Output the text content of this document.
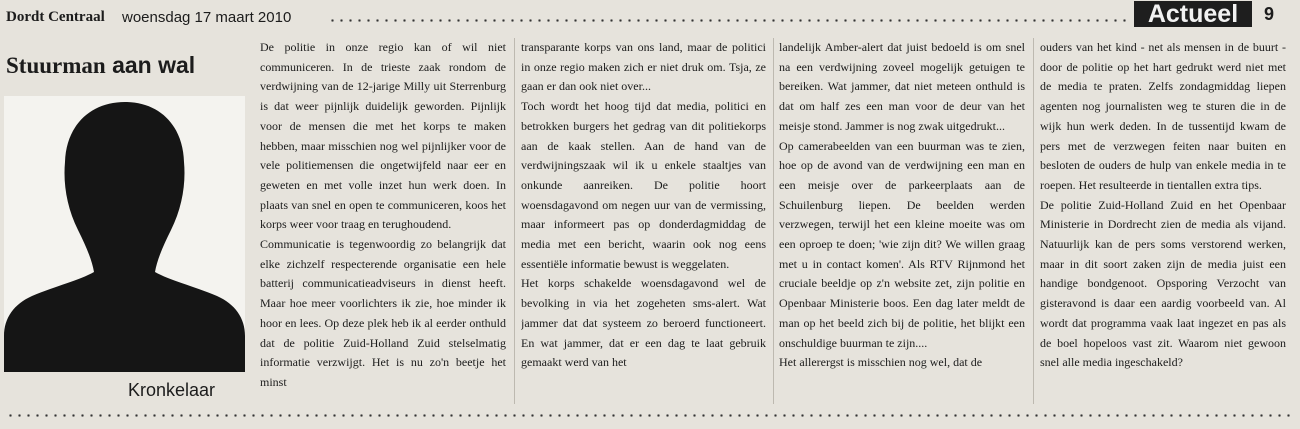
Dordt Centraal woensdag 17 maart 2010	Actueel	9
Stuurman aan wal
Kronkelaar

De politie in onze regio kan of wil niet communiceren. In de trieste zaak rondom de verdwijning van de 12-jarige Milly uit Sterrenburg is dat weer pijnlijk duidelijk geworden. Pijnlijk voor de mensen die met het korps te maken hebben, maar misschien nog wel pijnlijker voor de vele politiemensen die ongetwijfeld naar eer en geweten en met volle inzet hun werk doen. In plaats van snel en open te communiceren, koos het korps weer voor traag en terughoudend.

Communicatie is tegenwoordig zo belangrijk dat elke zichzelf respecterende organisatie een hele batterij communicatieadviseurs in dienst heeft. Maar hoe meer voorlichters ik zie, hoe minder ik hoor en lees. Op deze plek heb ik al eerder onthuld dat de politie Zuid-Holland Zuid stelselmatig informatie verzwijgt. Het is nu zo'n beetje het minst

transparante korps van ons land, maar de politici in onze regio maken zich er niet druk om. Tsja, ze gaan er dan ook niet over...

Toch wordt het hoog tijd dat media, politici en betrokken burgers het gedrag van dit politiekorps aan de kaak stellen. Aan de hand van de verdwijningszaak wil ik u enkele staaltjes van onkunde aanreiken. De politie hoort woensdagavond om negen uur van de vermissing, maar informeert pas op donderdagmiddag de media met een bericht, waarin ook nog eens essentiële informatie bewust is weggelaten.

Het korps schakelde woensdagavond wel de bevolking in via het zogeheten sms-alert. Wat jammer dat dat systeem zo beroerd functioneert. En wat jammer, dat er een dag te laat gebruik gemaakt werd van het

landelijk Amber-alert dat juist bedoeld is om snel na een verdwijning zoveel mogelijk getuigen te bereiken. Wat jammer, dat niet meteen onthuld is dat om half zes een man voor de deur van het meisje stond. Jammer is nog zwak uitgedrukt...

Op camerabeelden van een buurman was te zien, hoe op de avond van de verdwijning een man en een meisje over de parkeerplaats aan de Schuilenburg liepen. De beelden werden verzwegen, terwijl het een kleine moeite was om een oproep te doen; 'wie zijn dit? We willen graag met u in contact komen'. Als RTV Rijnmond het cruciale beeldje op z'n website zet, zijn politie en Openbaar Ministerie boos. Een dag later meldt de man op het beeld zich bij de politie, het blijkt een onschuldige buurman te zijn....

Het allerergst is misschien nog wel, dat de

ouders van het kind - net als mensen in de buurt - door de politie op het hart gedrukt werd niet met de media te praten. Zelfs zondagmiddag liepen agenten nog journalisten weg te sturen die in de wijk hun werk deden. In de tussentijd kwam de pers met de verzwegen feiten naar buiten en besloten de ouders de hulp van enkele media in te roepen. Het resulteerde in tientallen extra tips.

De politie Zuid-Holland Zuid en het Openbaar Ministerie in Dordrecht zien de media als vijand. Natuurlijk kan de pers soms verstorend werken, maar in dit soort zaken zijn de media juist een handige bondgenoot. Opsporing Verzocht van gisteravond is daar een aardig voorbeeld van. Al wordt dat programma vaak laat ingezet en pas als de boel hopeloos vast zit. Waarom niet gewoon snel alle media ingeschakeld?
